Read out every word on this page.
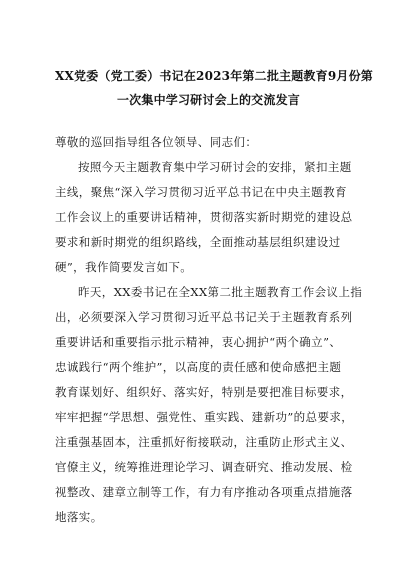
XX党委（党工委）书记在2023年第二批主题教育9月份第
一次集中学习研讨会上的交流发言

尊敬的巡回指导组各位领导、同志们：

按照今天主题教育集中学习研讨会的安排，紧扣主题
主线，聚焦“深入学习贯彻习近平总书记在中央主题教育
工作会议上的重要讲话精神，贯彻落实新时期党的建设总
要求和新时期党的组织路线，全面推动基层组织建设过
硬”，我作简要发言如下。

昨天，XX委书记在全XX第二批主题教育工作会议上指
出，必须要深入学习贯彻习近平总书记关于主题教育系列
重要讲话和重要指示批示精神，衷心拥护“两个确立”、
忠诚践行“两个维护”，以高度的责任感和使命感把主题
教育谋划好、组织好、落实好，特别是要把准目标要求，
牢牢把握“学思想、强党性、重实践、建新功”的总要求，
注重强基固本，注重抓好衔接联动，注重防止形式主义、
官僚主义，统筹推进理论学习、调查研究、推动发展、检
视整改、建章立制等工作，有力有序推动各项重点措施落
地落实。
